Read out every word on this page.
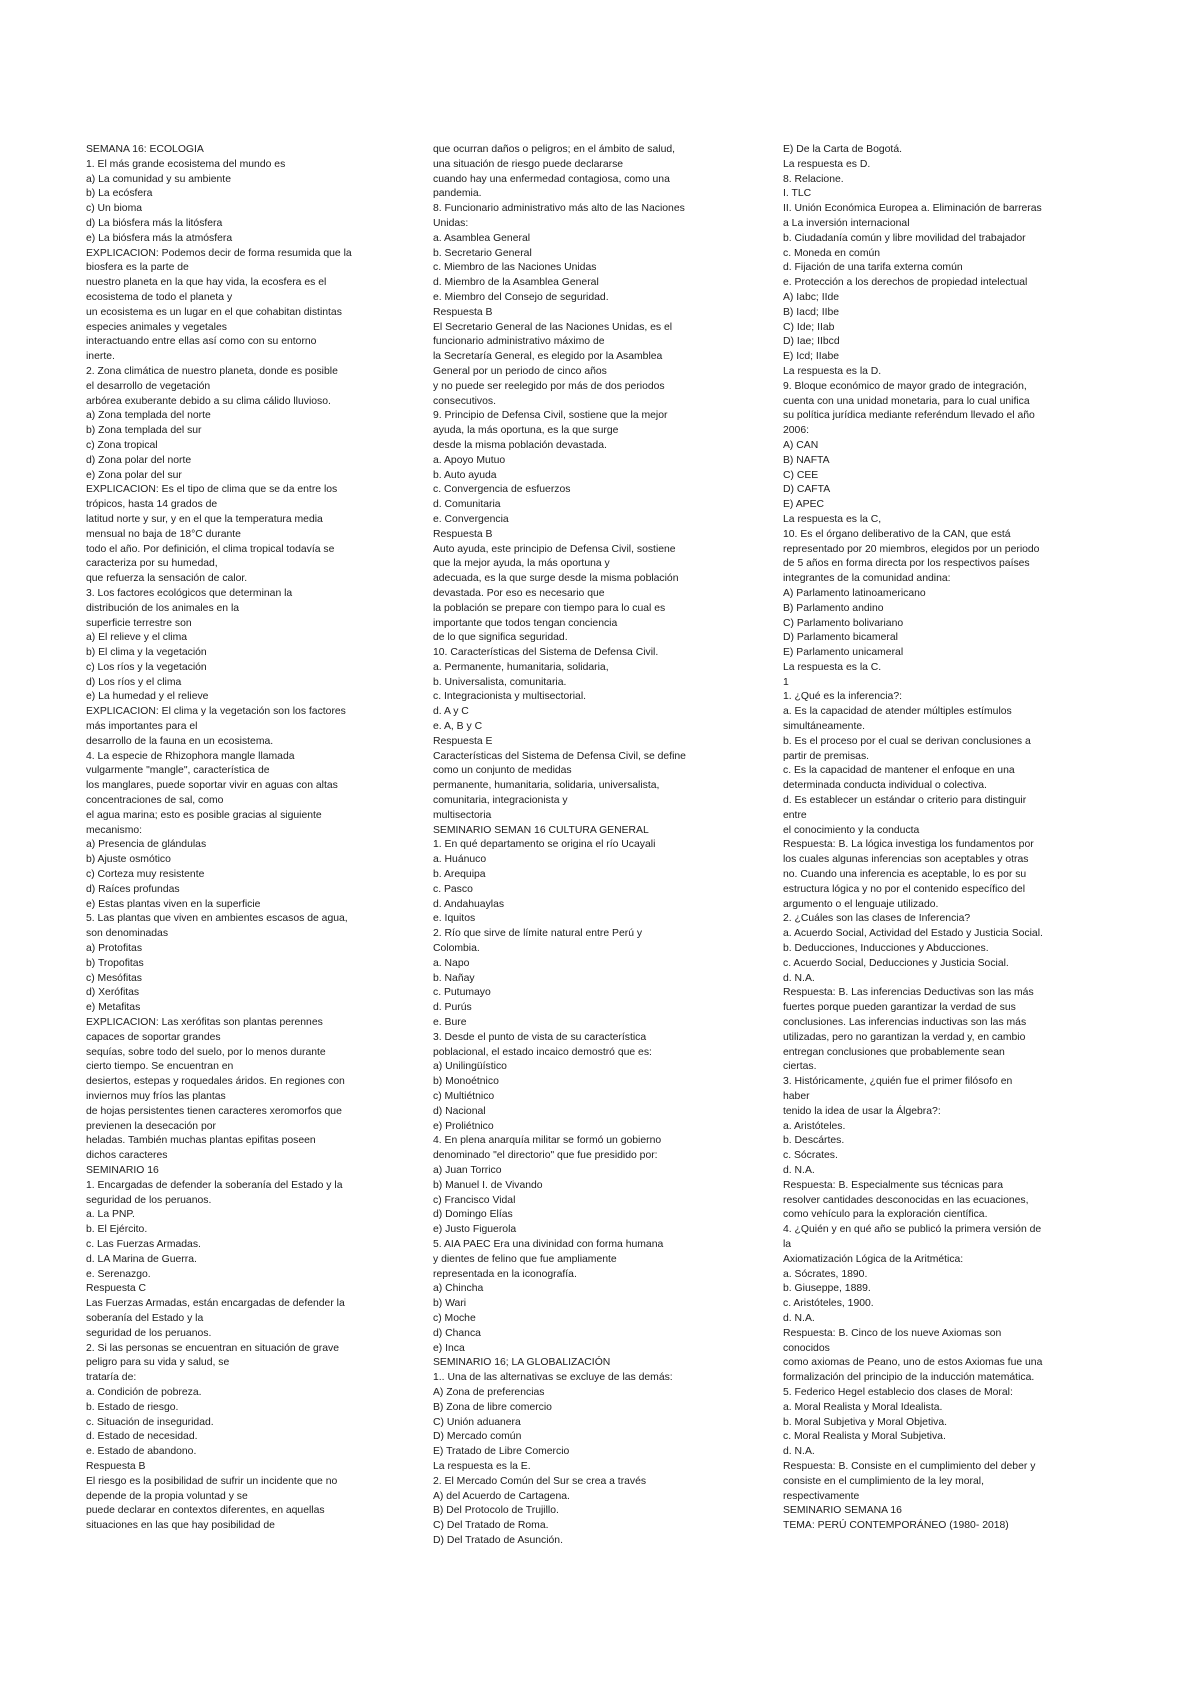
SEMANA 16: ECOLOGIA
1. El más grande ecosistema del mundo es
a) La comunidad y su ambiente
b) La ecósfera
c) Un bioma
d) La biósfera más la litósfera
e) La biósfera más la atmósfera
EXPLICACION: Podemos decir de forma resumida que la
biosfera es la parte de
nuestro planeta en la que hay vida, la ecosfera es el
ecosistema de todo el planeta y
un ecosistema es un lugar en el que cohabitan distintas
especies animales y vegetales
interactuando entre ellas así como con su entorno
inerte.
2. Zona climática de nuestro planeta, donde es posible
el desarrollo de vegetación
arbórea exuberante debido a su clima cálido lluvioso.
a) Zona templada del norte
b) Zona templada del sur
c) Zona tropical
d) Zona polar del norte
e) Zona polar del sur
EXPLICACION: Es el tipo de clima que se da entre los
trópicos, hasta 14 grados de
latitud norte y sur, y en el que la temperatura media
mensual no baja de 18°C durante
todo el año. Por definición, el clima tropical todavía se
caracteriza por su humedad,
que refuerza la sensación de calor.
3. Los factores ecológicos que determinan la
distribución de los animales en la
superficie terrestre son
a) El relieve y el clima
b) El clima y la vegetación
c) Los ríos y la vegetación
d) Los ríos y el clima
e) La humedad y el relieve
EXPLICACION: El clima y la vegetación son los factores
más importantes para el
desarrollo de la fauna en un ecosistema.
4. La especie de Rhizophora mangle llamada
vulgarmente "mangle", característica de
los manglares, puede soportar vivir en aguas con altas
concentraciones de sal, como
el agua marina; esto es posible gracias al siguiente
mecanismo:
a) Presencia de glándulas
b) Ajuste osmótico
c) Corteza muy resistente
d) Raíces profundas
e) Estas plantas viven en la superficie
5. Las plantas que viven en ambientes escasos de agua,
son denominadas
a) Protofitas
b) Tropofitas
c) Mesófitas
d) Xerófitas
e) Metafitas
EXPLICACION: Las xerófitas son plantas perennes
capaces de soportar grandes
sequías, sobre todo del suelo, por lo menos durante
cierto tiempo. Se encuentran en
desiertos, estepas y roquedales áridos. En regiones con
inviernos muy fríos las plantas
de hojas persistentes tienen caracteres xeromorfos que
previenen la desecación por
heladas. También muchas plantas epifitas poseen
dichos caracteres
SEMINARIO 16
1. Encargadas de defender la soberanía del Estado y la
seguridad de los peruanos.
a. La PNP.
b. El Ejército.
c. Las Fuerzas Armadas.
d. LA Marina de Guerra.
e. Serenazgo.
Respuesta C
Las Fuerzas Armadas, están encargadas de defender la
soberanía del Estado y la
seguridad de los peruanos.
2. Si las personas se encuentran en situación de grave
peligro para su vida y salud, se
trataría de:
a. Condición de pobreza.
b. Estado de riesgo.
c. Situación de inseguridad.
d. Estado de necesidad.
e. Estado de abandono.
Respuesta B
El riesgo es la posibilidad de sufrir un incidente que no
depende de la propia voluntad y se
puede declarar en contextos diferentes, en aquellas
situaciones en las que hay posibilidad de
que ocurran daños o peligros; en el ámbito de salud,
una situación de riesgo puede declararse
cuando hay una enfermedad contagiosa, como una
pandemia.
8. Funcionario administrativo más alto de las Naciones
Unidas:
a. Asamblea General
b. Secretario General
c. Miembro de las Naciones Unidas
d. Miembro de la Asamblea General
e. Miembro del Consejo de seguridad.
Respuesta B
El Secretario General de las Naciones Unidas, es el
funcionario administrativo máximo de
la Secretaría General, es elegido por la Asamblea
General por un periodo de cinco años
y no puede ser reelegido por más de dos periodos
consecutivos.
9. Principio de Defensa Civil, sostiene que la mejor
ayuda, la más oportuna, es la que surge
desde la misma población devastada.
a. Apoyo Mutuo
b. Auto ayuda
c. Convergencia de esfuerzos
d. Comunitaria
e. Convergencia
Respuesta B
Auto ayuda, este principio de Defensa Civil, sostiene
que la mejor ayuda, la más oportuna y
adecuada, es la que surge desde la misma población
devastada. Por eso es necesario que
la población se prepare con tiempo para lo cual es
importante que todos tengan conciencia
de lo que significa seguridad.
10. Características del Sistema de Defensa Civil.
a. Permanente, humanitaria, solidaria,
b. Universalista, comunitaria.
c. Integracionista y multisectorial.
d. A y C
e. A, B y C
Respuesta E
Características del Sistema de Defensa Civil, se define
como un conjunto de medidas
permanente, humanitaria, solidaria, universalista,
comunitaria, integracionista y
multisectoria
SEMINARIO SEMAN 16 CULTURA GENERAL
1. En qué departamento se origina el río Ucayali
a. Huánuco
b. Arequipa
c. Pasco
d. Andahuaylas
e. Iquitos
2. Río que sirve de límite natural entre Perú y
Colombia.
a. Napo
b. Nañay
c. Putumayo
d. Purús
e. Bure
3. Desde el punto de vista de su característica
poblacional, el estado incaico demostró que es:
a) Unilingüístico
b) Monoétnico
c) Multiétnico
d) Nacional
e) Proliétnico
4. En plena anarquía militar se formó un gobierno
denominado "el directorio" que fue presidido por:
a) Juan Torrico
b) Manuel I. de Vivando
c) Francisco Vidal
d) Domingo Elías
e) Justo Figuerola
5. AIA PAEC Era una divinidad con forma humana
y dientes de felino que fue ampliamente
representada en la iconografía.
a) Chincha
b) Wari
c) Moche
d) Chanca
e) Inca
SEMINARIO 16; LA GLOBALIZACIÓN
1.. Una de las alternativas se excluye de las demás:
A) Zona de preferencias
B) Zona de libre comercio
C) Unión aduanera
D) Mercado común
E) Tratado de Libre Comercio
La respuesta es la E.
2. El Mercado Común del Sur se crea a través
A) del Acuerdo de Cartagena.
B) Del Protocolo de Trujillo.
C) Del Tratado de Roma.
D) Del Tratado de Asunción.
E) De la Carta de Bogotá.
La respuesta es D.
8. Relacione.
I. TLC
II. Unión Económica Europea a. Eliminación de barreras
a La inversión internacional
b. Ciudadanía común y libre movilidad del trabajador
c. Moneda en común
d. Fijación de una tarifa externa común
e. Protección a los derechos de propiedad intelectual
A) Iabc; IIde
B) Iacd; IIbe
C) Ide; IIab
D) Iae; IIbcd
E) Icd; IIabe
La respuesta es la D.
9. Bloque económico de mayor grado de integración,
cuenta con una unidad monetaria, para lo cual unifica
su política jurídica mediante referéndum llevado el año
2006:
A) CAN
B) NAFTA
C) CEE
D) CAFTA
E) APEC
La respuesta es la C,
10. Es el órgano deliberativo de la CAN, que está
representado por 20 miembros, elegidos por un periodo
de 5 años en forma directa por los respectivos países
integrantes de la comunidad andina:
A) Parlamento latinoamericano
B) Parlamento andino
C) Parlamento bolivariano
D) Parlamento bicameral
E) Parlamento unicameral
La respuesta es la C.
1
1. ¿Qué es la inferencia?:
a. Es la capacidad de atender múltiples estímulos
simultáneamente.
b. Es el proceso por el cual se derivan conclusiones a
partir de premisas.
c. Es la capacidad de mantener el enfoque en una
determinada conducta individual o colectiva.
d. Es establecer un estándar o criterio para distinguir
entre
el conocimiento y la conducta
Respuesta: B. La lógica investiga los fundamentos por
los cuales algunas inferencias son aceptables y otras
no. Cuando una inferencia es aceptable, lo es por su
estructura lógica y no por el contenido específico del
argumento o el lenguaje utilizado.
2. ¿Cuáles son las clases de Inferencia?
a. Acuerdo Social, Actividad del Estado y Justicia Social.
b. Deducciones, Inducciones y Abducciones.
c. Acuerdo Social, Deducciones y Justicia Social.
d. N.A.
Respuesta: B. Las inferencias Deductivas son las más
fuertes porque pueden garantizar la verdad de sus
conclusiones. Las inferencias inductivas son las más
utilizadas, pero no garantizan la verdad y, en cambio
entregan conclusiones que probablemente sean
ciertas.
3. Históricamente, ¿quién fue el primer filósofo en
haber
tenido la idea de usar la Álgebra?:
a. Aristóteles.
b. Descártes.
c. Sócrates.
d. N.A.
Respuesta: B. Especialmente sus técnicas para
resolver cantidades desconocidas en las ecuaciones,
como vehículo para la exploración científica.
4. ¿Quién y en qué año se publicó la primera versión de
la
Axiomatización Lógica de la Aritmética:
a. Sócrates, 1890.
b. Giuseppe, 1889.
c. Aristóteles, 1900.
d. N.A.
Respuesta: B. Cinco de los nueve Axiomas son
conocidos
como axiomas de Peano, uno de estos Axiomas fue una
formalización del principio de la inducción matemática.
5. Federico Hegel establecio dos clases de Moral:
a. Moral Realista y Moral Idealista.
b. Moral Subjetiva y Moral Objetiva.
c. Moral Realista y Moral Subjetiva.
d. N.A.
Respuesta: B. Consiste en el cumplimiento del deber y
consiste en el cumplimiento de la ley moral,
respectivamente
SEMINARIO SEMANA 16
TEMA: PERÚ CONTEMPORÁNEO (1980- 2018)
